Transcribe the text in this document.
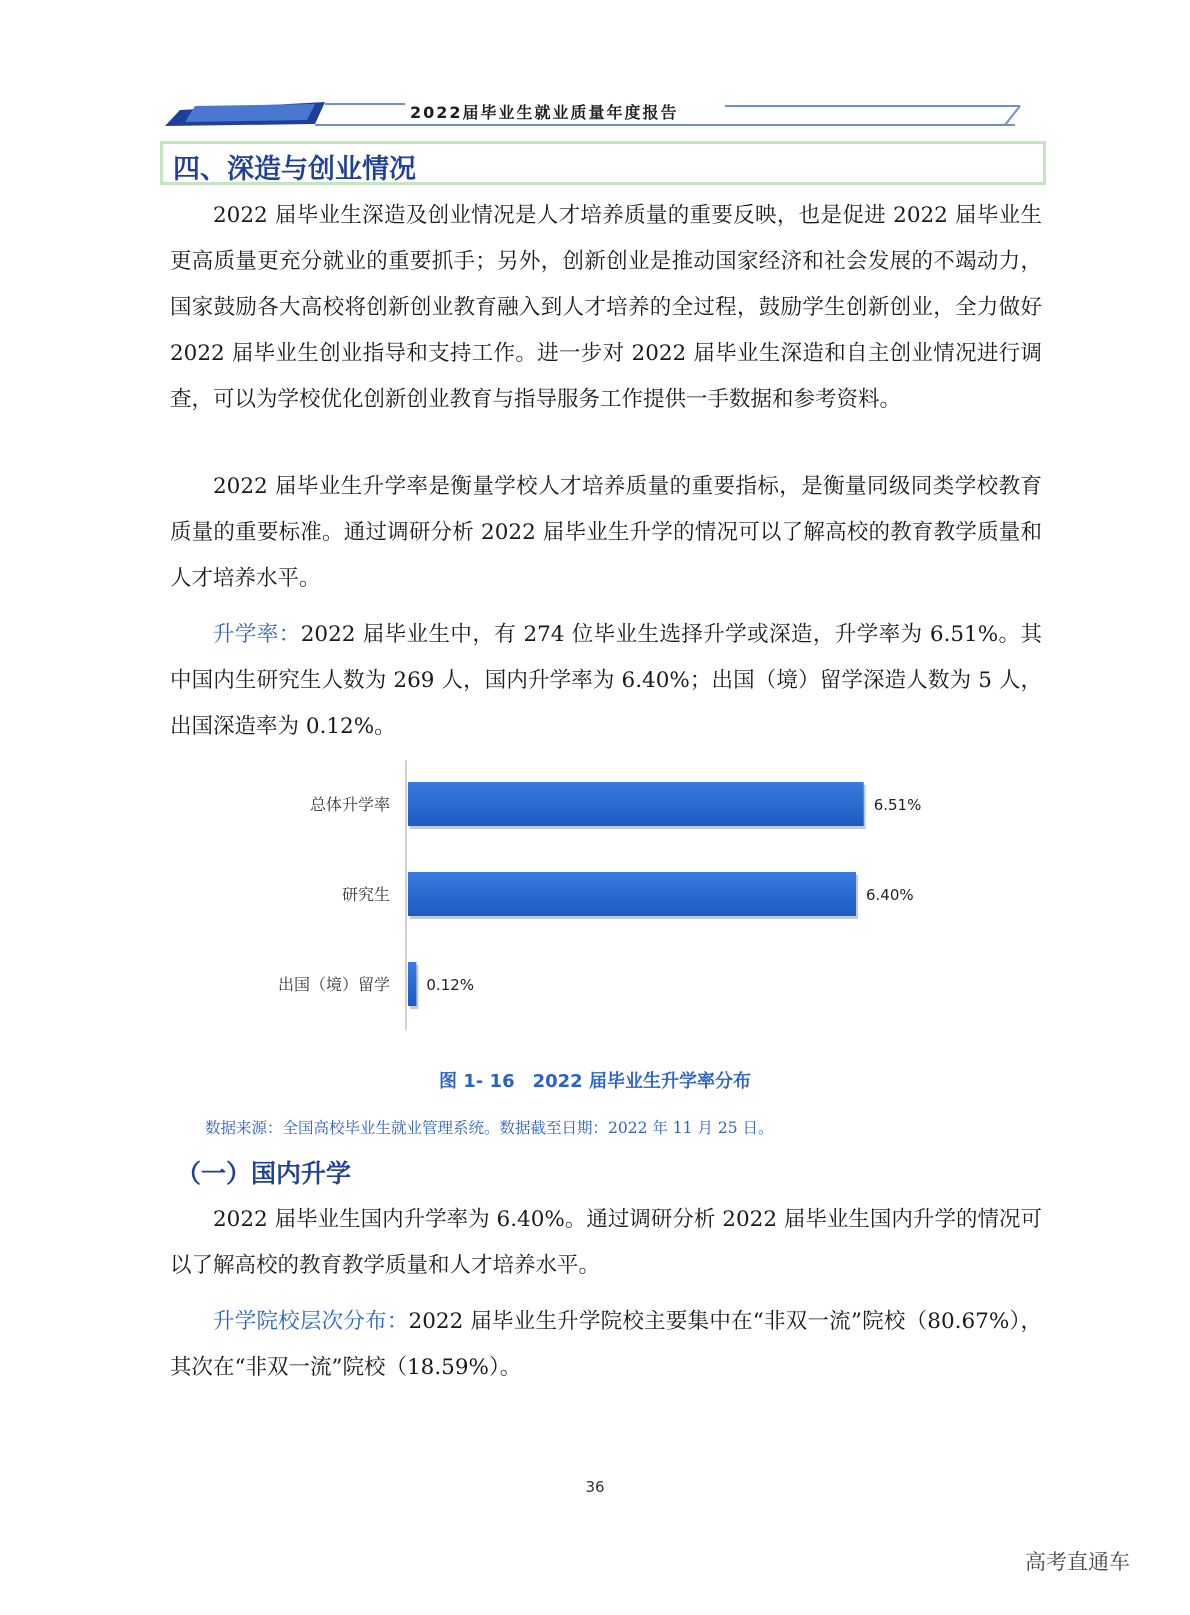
2022届毕业生就业质量年度报告
四、深造与创业情况

2022 届毕业生深造及创业情况是人才培养质量的重要反映，也是促进 2022 届毕业生更高质量更充分就业的重要抓手；另外，创新创业是推动国家经济和社会发展的不竭动力，国家鼓励各大高校将创新创业教育融入到人才培养的全过程，鼓励学生创新创业，全力做好 2022 届毕业生创业指导和支持工作。进一步对 2022 届毕业生深造和自主创业情况进行调查，可以为学校优化创新创业教育与指导服务工作提供一手数据和参考资料。

2022 届毕业生升学率是衡量学校人才培养质量的重要指标，是衡量同级同类学校教育质量的重要标准。通过调研分析 2022 届毕业生升学的情况可以了解高校的教育教学质量和人才培养水平。

升学率：2022 届毕业生中，有 274 位毕业生选择升学或深造，升学率为 6.51%。其中国内生研究生人数为 269 人，国内升学率为 6.40%；出国（境）留学深造人数为 5 人，出国深造率为 0.12%。

总体升学率	6.51%
研究生	6.40%
出国（境）留学 0.12%
图 1- 16　2022 届毕业生升学率分布
数据来源：全国高校毕业生就业管理系统。数据截至日期：2022 年 11 月 25 日。
（一）国内升学

2022 届毕业生国内升学率为 6.40%。通过调研分析 2022 届毕业生国内升学的情况可以了解高校的教育教学质量和人才培养水平。

升学院校层次分布：2022 届毕业生升学院校主要集中在“非双一流”院校（80.67%），其次在“非双一流”院校（18.59%）。

36
高考直通车
